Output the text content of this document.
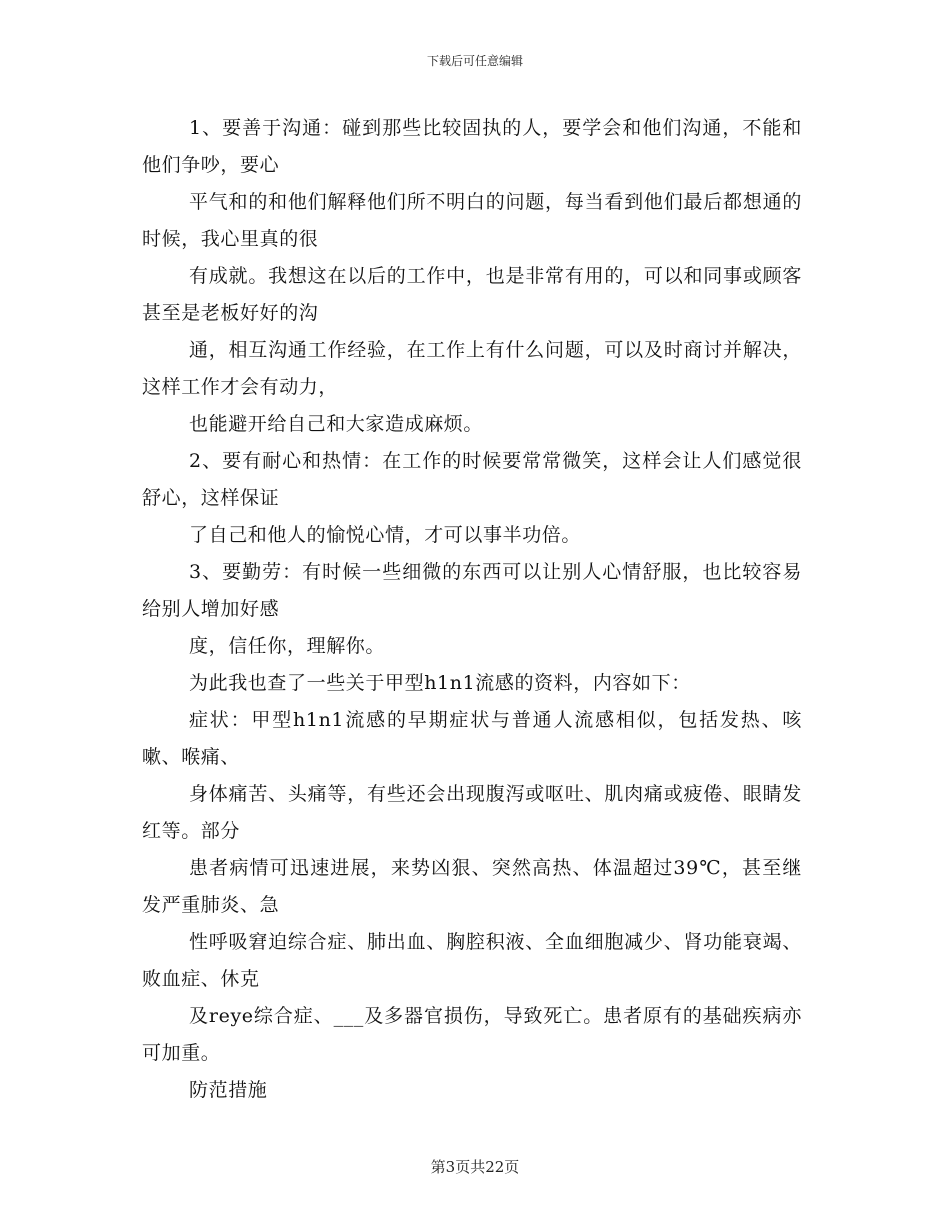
下载后可任意编辑

1、要善于沟通：碰到那些比较固执的人，要学会和他们沟通，不能和他们争吵，要心

平气和的和他们解释他们所不明白的问题，每当看到他们最后都想通的时候，我心里真的很

有成就。我想这在以后的工作中，也是非常有用的，可以和同事或顾客甚至是老板好好的沟

通，相互沟通工作经验，在工作上有什么问题，可以及时商讨并解决，这样工作才会有动力，

也能避开给自己和大家造成麻烦。

2、要有耐心和热情：在工作的时候要常常微笑，这样会让人们感觉很舒心，这样保证

了自己和他人的愉悦心情，才可以事半功倍。

3、要勤劳：有时候一些细微的东西可以让别人心情舒服，也比较容易给别人增加好感

度，信任你，理解你。

为此我也查了一些关于甲型h1n1流感的资料，内容如下：

症状：甲型h1n1流感的早期症状与普通人流感相似，包括发热、咳嗽、喉痛、

身体痛苦、头痛等，有些还会出现腹泻或呕吐、肌肉痛或疲倦、眼睛发红等。部分

患者病情可迅速进展，来势凶狠、突然高热、体温超过39℃，甚至继发严重肺炎、急

性呼吸窘迫综合症、肺出血、胸腔积液、全血细胞减少、肾功能衰竭、败血症、休克

及reye综合症、___及多器官损伤，导致死亡。患者原有的基础疾病亦可加重。

防范措施

第3页共22页
